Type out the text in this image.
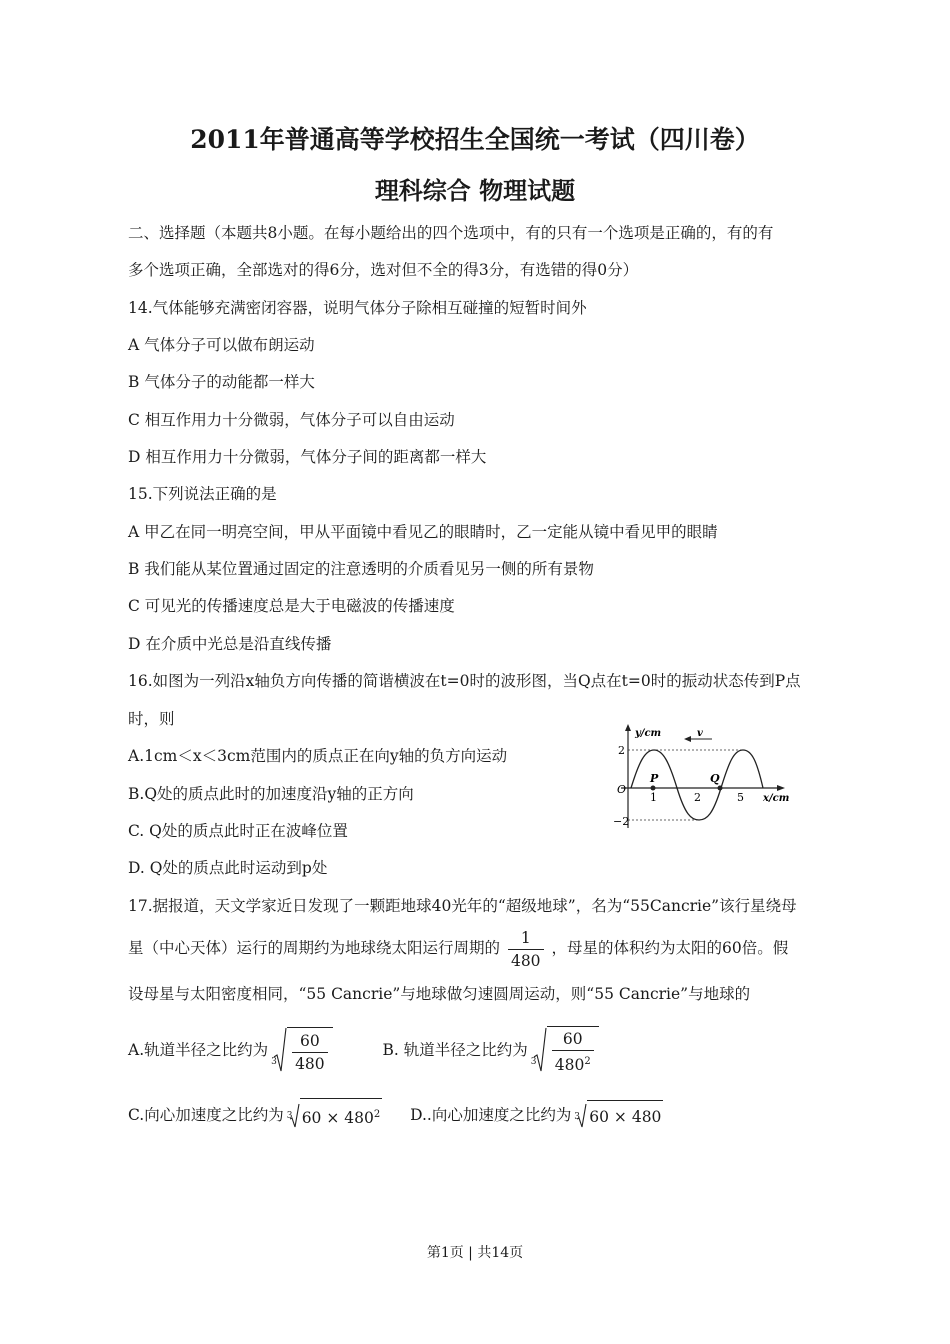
2011年普通高等学校招生全国统一考试（四川卷）
理科综合 物理试题
二、选择题（本题共8小题。在每小题给出的四个选项中，有的只有一个选项是正确的，有的有
多个选项正确，全部选对的得6分，选对但不全的得3分，有选错的得0分）
14.气体能够充满密闭容器，说明气体分子除相互碰撞的短暂时间外
A 气体分子可以做布朗运动
B 气体分子的动能都一样大
C 相互作用力十分微弱，气体分子可以自由运动
D 相互作用力十分微弱，气体分子间的距离都一样大
15.下列说法正确的是
A 甲乙在同一明亮空间，甲从平面镜中看见乙的眼睛时，乙一定能从镜中看见甲的眼睛
B 我们能从某位置通过固定的注意透明的介质看见另一侧的所有景物
C 可见光的传播速度总是大于电磁波的传播速度
D 在介质中光总是沿直线传播
16.如图为一列沿x轴负方向传播的简谐横波在t=0时的波形图，当Q点在t=0时的振动状态传到P点
时，则
A.1cm＜x＜3cm范围内的质点正在向y轴的负方向运动
B.Q处的质点此时的加速度沿y轴的正方向
C. Q处的质点此时正在波峰位置
D. Q处的质点此时运动到p处
y/cm
x/cm
v
O
2
−2
1	2	5
P	Q
17.据报道，天文学家近日发现了一颗距地球40光年的“超级地球”，名为“55Cancrie”该行星绕母
星（中心天体）运行的周期约为地球绕太阳运行周期的 $\frac{1}{480}$ ，母星的体积约为太阳的60倍。假
设母星与太阳密度相同，“55 Cancrie”与地球做匀速圆周运动，则“55 Cancrie”与地球的
A.轨道半径之比约为
$3 \frac{60}{480}$	B. 轨道半径之比约为
$3 \frac{60}{480^2}$
C.向心加速度之比约为 3 $60 \times 480^2$ D..向心加速度之比约为 3 60 × 480
第1页 | 共14页
